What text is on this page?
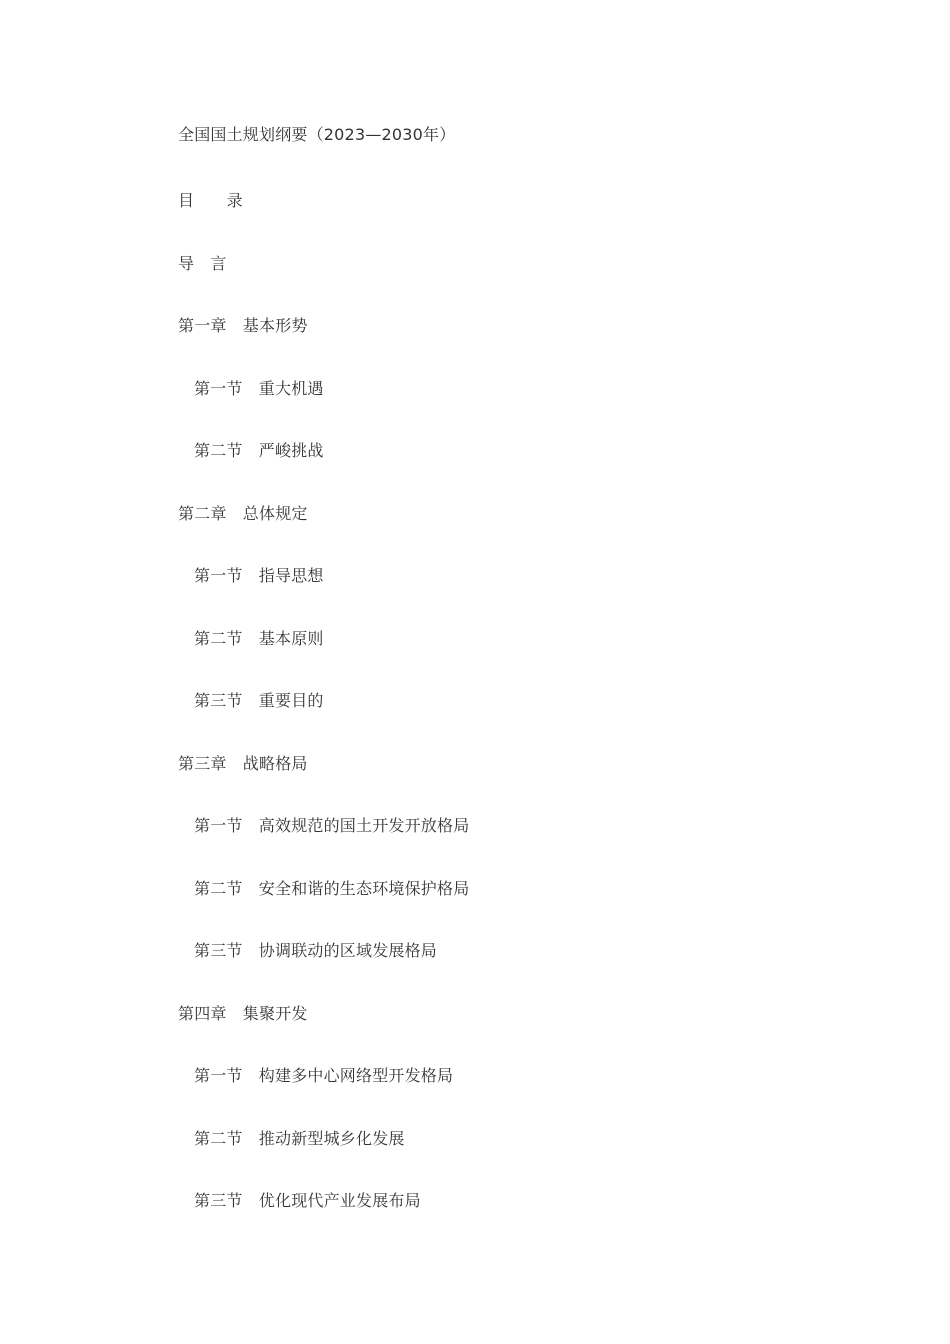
全国国土规划纲要（2023—2030年）
目　　录
导　言
第一章　基本形势
第一节　重大机遇
第二节　严峻挑战
第二章　总体规定
第一节　指导思想
第二节　基本原则
第三节　重要目的
第三章　战略格局
第一节　高效规范的国土开发开放格局
第二节　安全和谐的生态环境保护格局
第三节　协调联动的区域发展格局
第四章　集聚开发
第一节　构建多中心网络型开发格局
第二节　推动新型城乡化发展
第三节　优化现代产业发展布局
